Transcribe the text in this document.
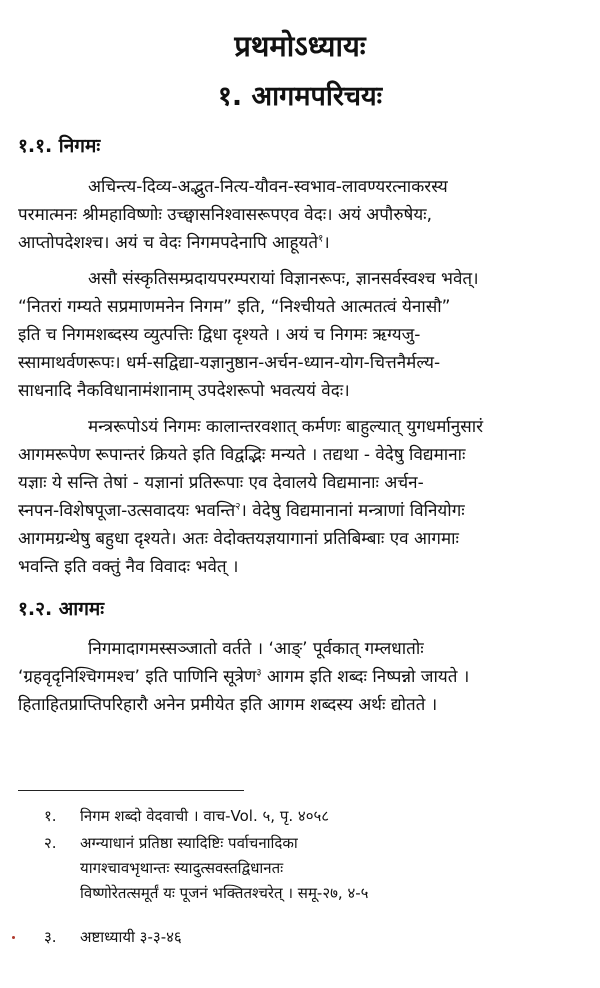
प्रथमोऽध्यायः
१. आगमपरिचयः
१.१. निगमः
अचिन्त्य-दिव्य-अद्भुत-नित्य-यौवन-स्वभाव-लावण्यरत्नाकरस्य
परमात्मनः श्रीमहाविष्णोः उच्छ्वासनिश्वासरूपएव वेदः। अयं अपौरुषेयः,
आप्तोपदेशश्च। अयं च वेदः निगमपदेनापि आहूयते$^१$।
असौ संस्कृतिसम्प्रदायपरम्परायां विज्ञानरूपः, ज्ञानसर्वस्वश्च भवेत्।
“नितरां गम्यते सप्रमाणमनेन निगम” इति, “निश्चीयते आत्मतत्वं येनासौ”
इति च निगमशब्दस्य व्युत्पत्तिः द्विधा दृश्यते । अयं च निगमः ऋग्यजु-
स्सामाथर्वणरूपः। धर्म-सद्विद्या-यज्ञानुष्ठान-अर्चन-ध्यान-योग-चित्तनैर्मल्य-
साधनादि नैकविधानामंशानाम् उपदेशरूपो भवत्ययं वेदः।
मन्त्ररूपोऽयं निगमः कालान्तरवशात् कर्मणः बाहुल्यात् युगधर्मानुसारं
आगमरूपेण रूपान्तरं क्रियते इति विद्वद्भिः मन्यते । तद्यथा - वेदेषु विद्यमानाः
यज्ञाः ये सन्ति तेषां - यज्ञानां प्रतिरूपाः एव देवालये विद्यमानाः अर्चन-
स्नपन-विशेषपूजा-उत्सवादयः भवन्ति$^२$। वेदेषु विद्यमानानां मन्त्राणां विनियोगः
आगमग्रन्थेषु बहुधा दृश्यते। अतः वेदोक्तयज्ञयागानां प्रतिबिम्बाः एव आगमाः
भवन्ति इति वक्तुं नैव विवादः भवेत् ।
१.२. आगमः
निगमादागमस्सञ्जातो वर्तते । ‘आङ्’ पूर्वकात् गम्लधातोः
‘ग्रहवृदृनिश्चिगमश्च’ इति पाणिनि सूत्रेण$^३$ आगम इति शब्दः निष्पन्नो जायते ।
हिताहितप्राप्तिपरिहारौ अनेन प्रमीयेत इति आगम शब्दस्य अर्थः द्योतते ।
१. निगम शब्दो वेदवाची । वाच-Vol. ५, पृ. ४०५८
२. अग्न्याधानं प्रतिष्ठा स्यादिष्टिः पर्वाचनादिका
यागश्चावभृथान्तः स्यादुत्सवस्तद्विधानतः
विष्णोरेतत्समूर्तं यः पूजनं भक्तितश्चरेत् । समू-२७, ४-५
३. अष्टाध्यायी ३-३-४६
